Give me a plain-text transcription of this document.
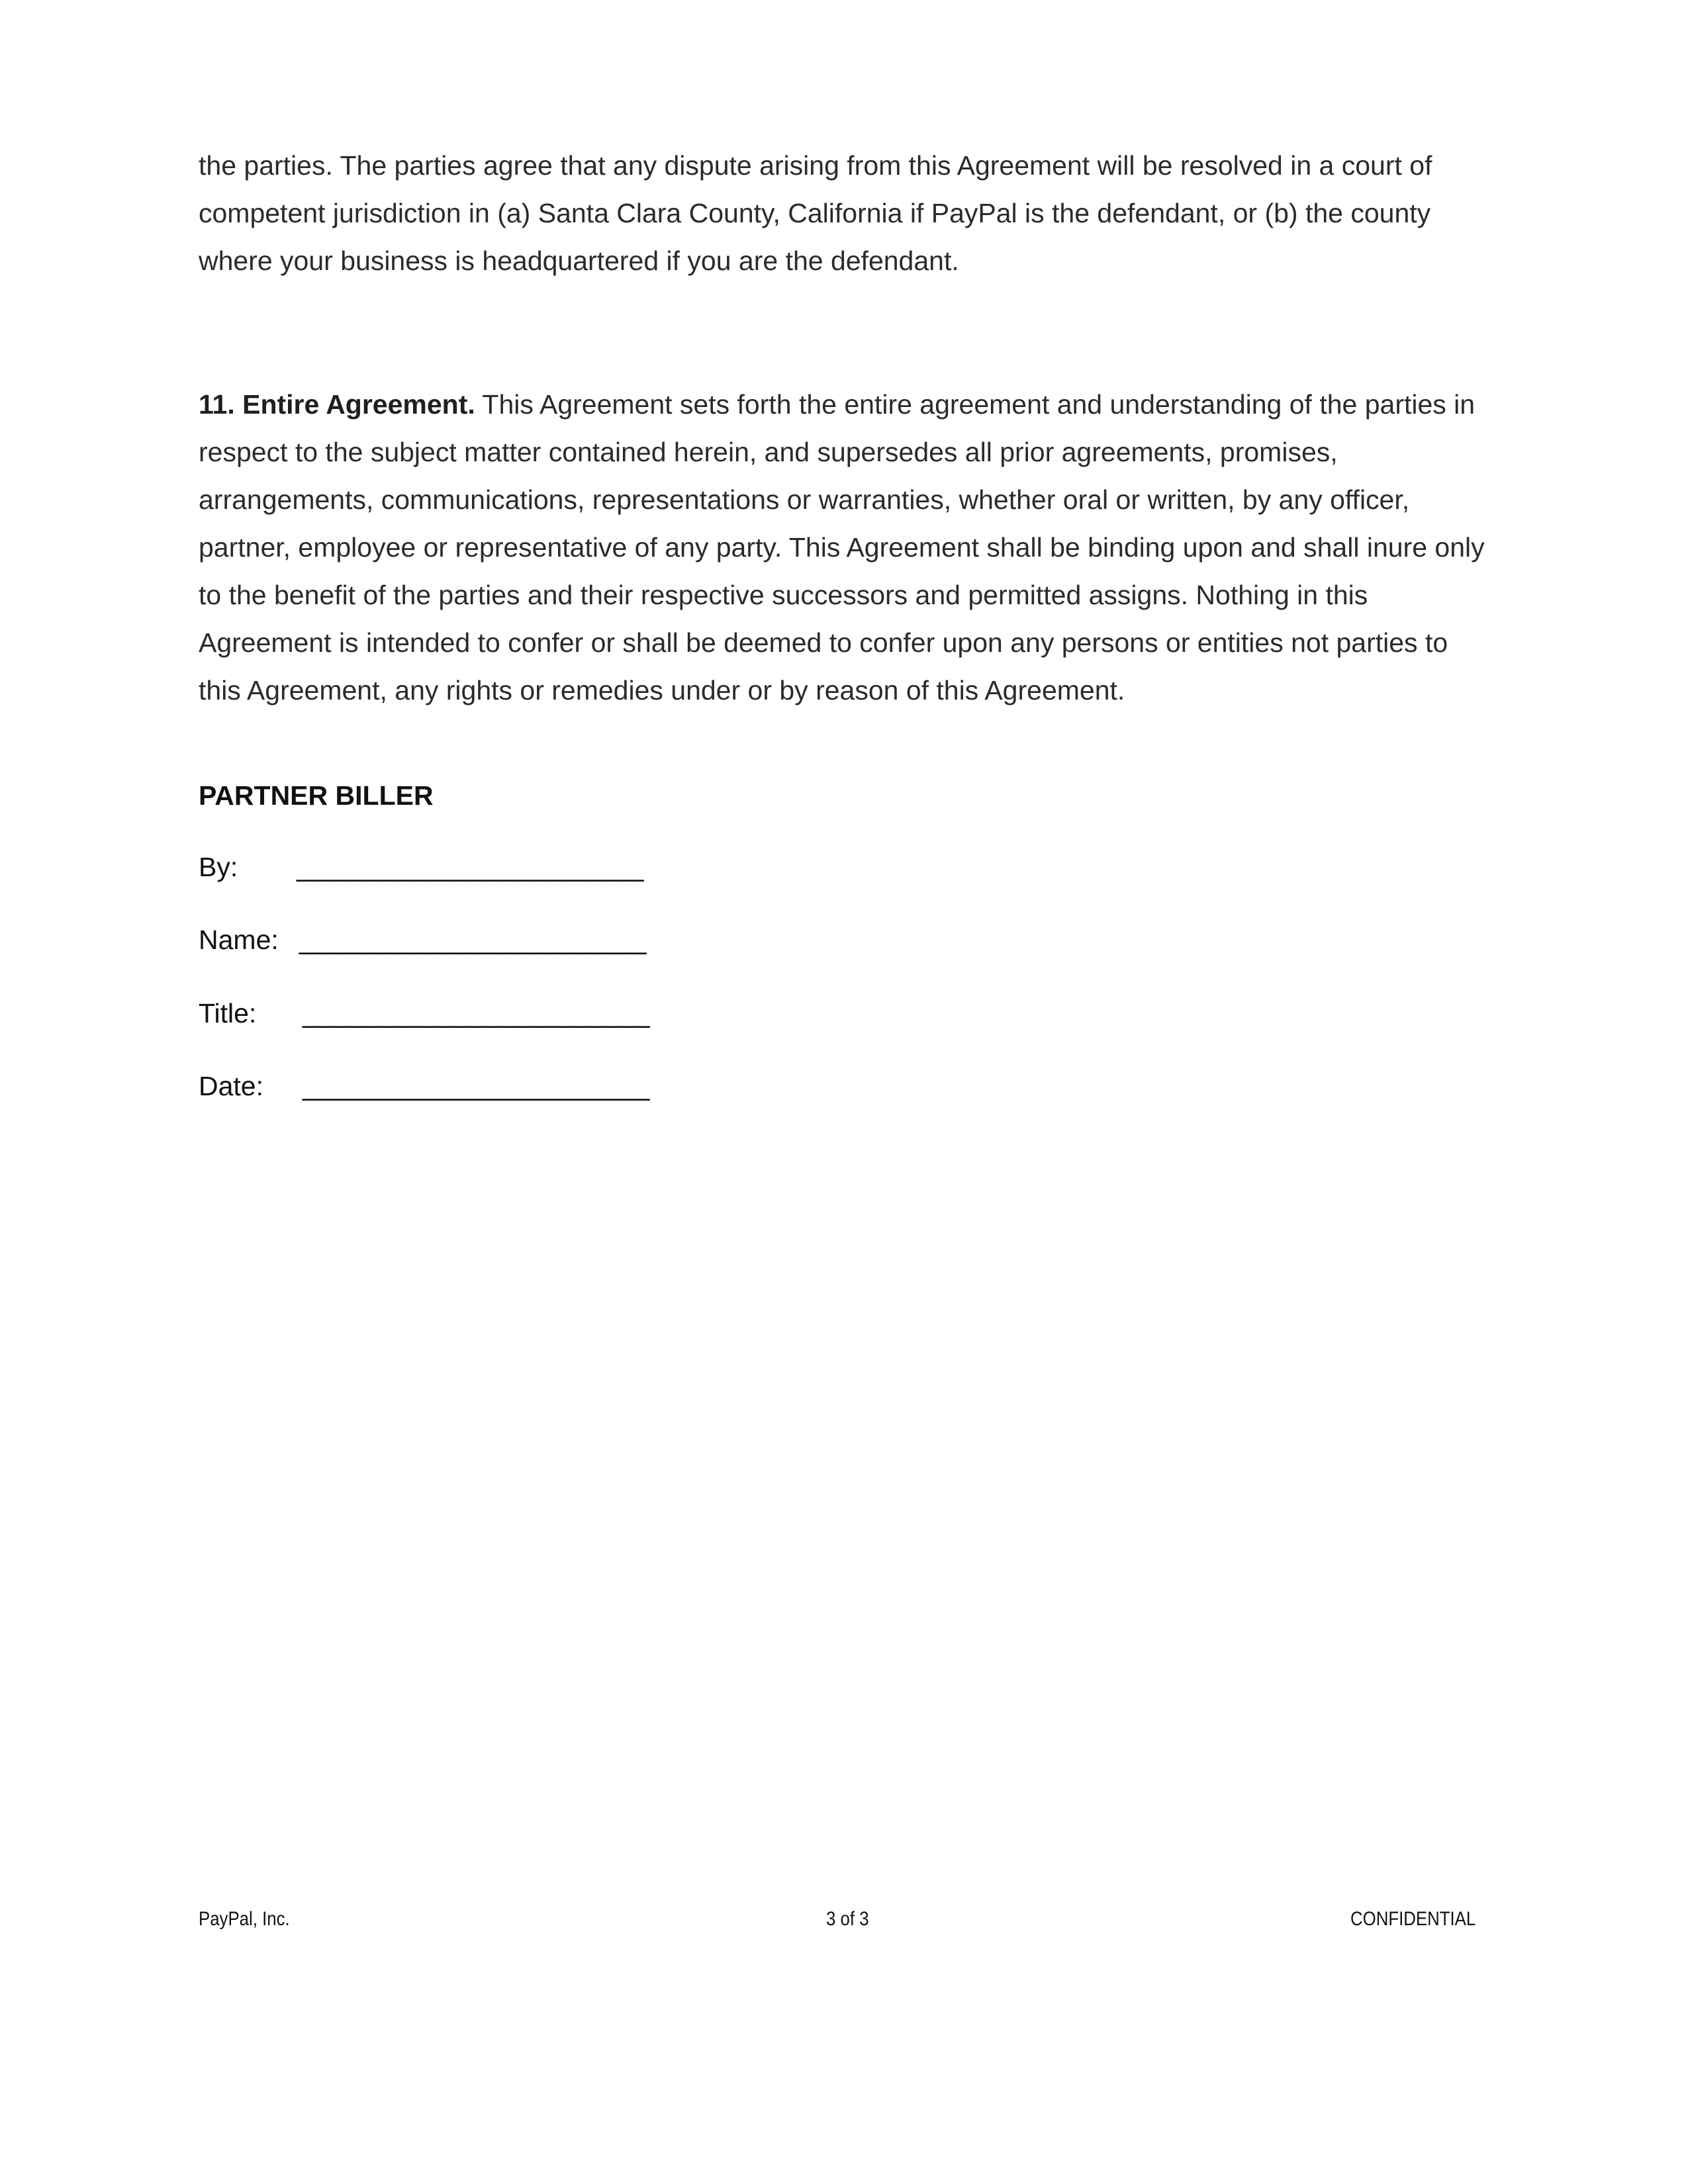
the parties. The parties agree that any dispute arising from this Agreement will be resolved in a court of competent jurisdiction in (a) Santa Clara County, California if PayPal is the defendant, or (b) the county where your business is headquartered if you are the defendant.

11. Entire Agreement. This Agreement sets forth the entire agreement and understanding of the parties in respect to the subject matter contained herein, and supersedes all prior agreements, promises, arrangements, communications, representations or warranties, whether oral or written, by any officer, partner, employee or representative of any party. This Agreement shall be binding upon and shall inure only to the benefit of the parties and their respective successors and permitted assigns. Nothing in this Agreement is intended to confer or shall be deemed to confer upon any persons or entities not parties to this Agreement, any rights or remedies under or by reason of this Agreement.

PARTNER BILLER

By: _______________________
Name: _______________________
Title: _______________________
Date: _______________________
PayPal, Inc.	3 of 3	CONFIDENTIAL
